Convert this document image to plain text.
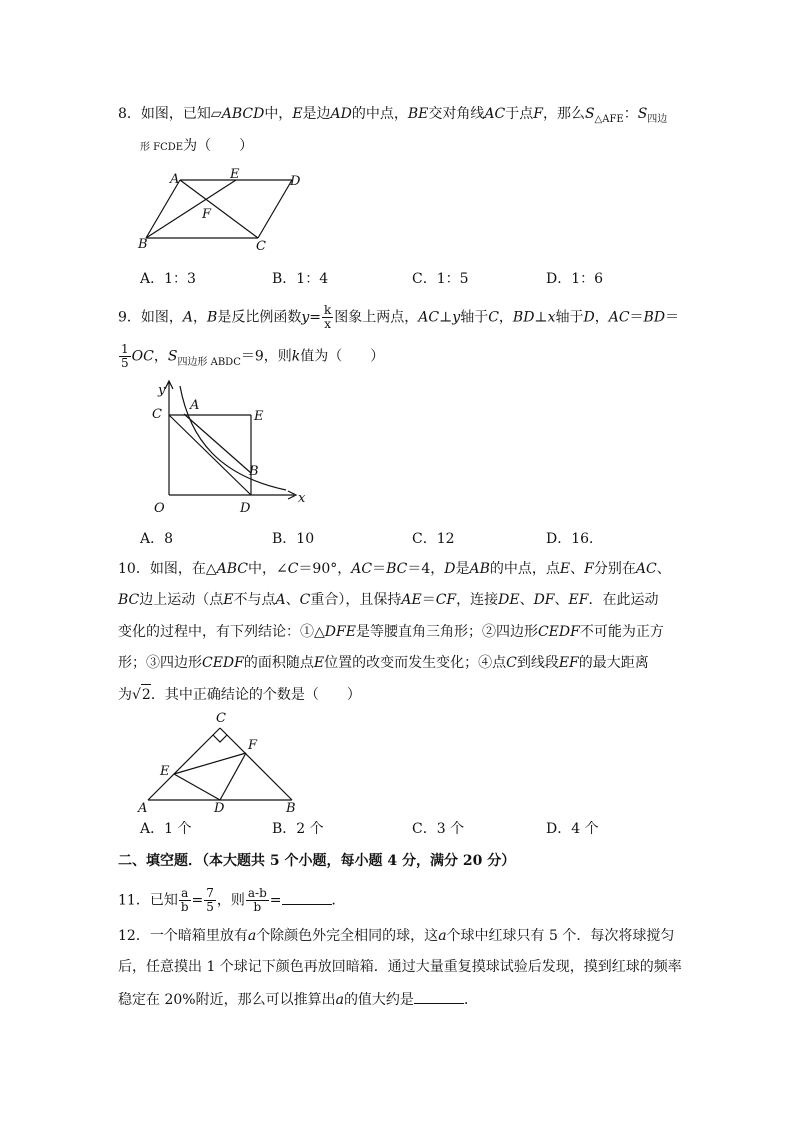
8．如图，已知▱ABCD中，E是边AD的中点，BE交对角线AC于点F，那么$S_{\triangle AFE}$：$S_{四边}$
形 FCDE为（　　）
A	E	D
F
B	C
A．1：3	B．1：4	C．1：5	D．1：6
9．如图，A，B是反比例函数$y= \frac{k}{x}$ 图象上两点，AC⊥y轴于C，BD⊥x轴于D，AC＝BD＝
$\frac{1}{5}$ OC，$S_{四边形 ABDC}=9$，则k值为（　　）
y
x
C
A
E
B
O	D
A．8	B．10	C．12	D．16．
10．如图，在△ABC中，∠C＝90°，AC＝BC＝4，D是AB的中点，点E、F分别在AC、
BC边上运动（点E不与点A、C重合），且保持AE＝CF，连接DE、DF、EF．在此运动
变化的过程中，有下列结论：①△DFE是等腰直角三角形；②四边形CEDF不可能为正方
形；③四边形CEDF的面积随点E位置的改变而发生变化；④点C到线段EF的最大距离
为√2．其中正确结论的个数是（　　）
C
F
E
A	D	B
A．1 个	B．2 个	C．3 个	D．4 个
二、填空题．（本大题共 5 个小题，每小题 4 分，满分 20 分）
11．已知 $\frac{a}{b} = \frac{7}{5}$ ，则 $\frac{a-b}{b}$ =	．
12．一个暗箱里放有a个除颜色外完全相同的球，这a个球中红球只有 5 个．每次将球搅匀
后，任意摸出 1 个球记下颜色再放回暗箱．通过大量重复摸球试验后发现，摸到红球的频率
稳定在 20%附近，那么可以推算出a的值大约是	．
